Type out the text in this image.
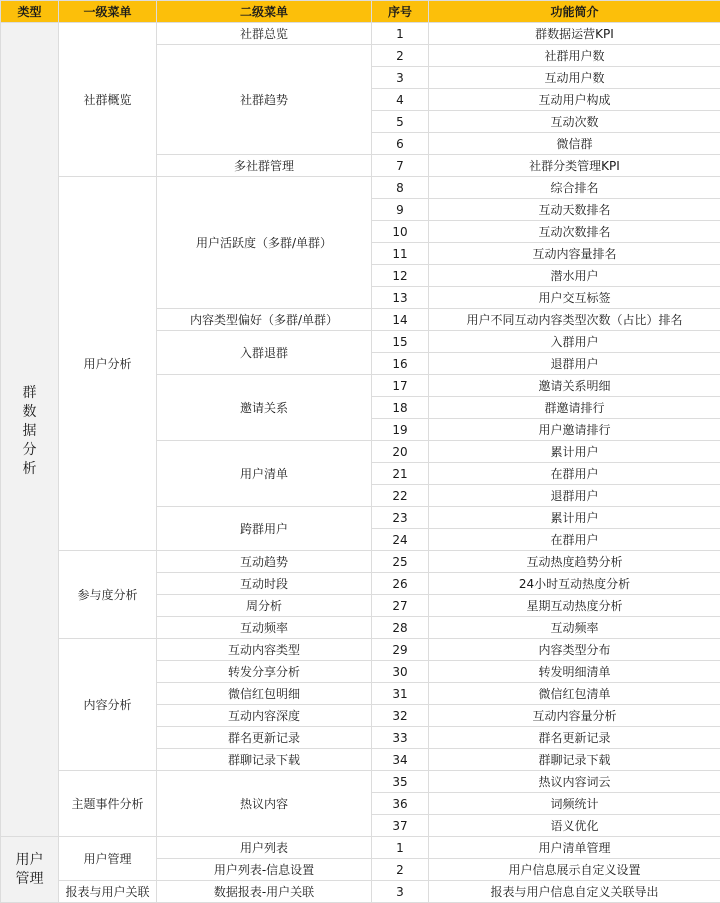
类型	一级菜单	二级菜单	序号	功能简介
群数据分析	社群概览	社群总览	1	群数据运营KPI
		社群趋势	2	社群用户数
			3	互动用户数
			4	互动用户构成
			5	互动次数
			6	微信群
		多社群管理	7	社群分类管理KPI
	用户分析	用户活跃度（多群/单群）	8	综合排名
			9	互动天数排名
			10	互动次数排名
			11	互动内容量排名
			12	潜水用户
			13	用户交互标签
		内容类型偏好（多群/单群）	14	用户不同互动内容类型次数（占比）排名
		入群退群	15	入群用户
			16	退群用户
		邀请关系	17	邀请关系明细
			18	群邀请排行
			19	用户邀请排行
		用户清单	20	累计用户
			21	在群用户
			22	退群用户
		跨群用户	23	累计用户
			24	在群用户
	参与度分析	互动趋势	25	互动热度趋势分析
		互动时段	26	24小时互动热度分析
		周分析	27	星期互动热度分析
		互动频率	28	互动频率
	内容分析	互动内容类型	29	内容类型分布
		转发分享分析	30	转发明细清单
		微信红包明细	31	微信红包清单
		互动内容深度	32	互动内容量分析
		群名更新记录	33	群名更新记录
		群聊记录下载	34	群聊记录下载
	主题事件分析	热议内容	35	热议内容词云
			36	词频统计
			37	语义优化
用户管理	用户管理	用户列表	1	用户清单管理
		用户列表-信息设置	2	用户信息展示自定义设置
	报表与用户关联	数据报表-用户关联	3	报表与用户信息自定义关联导出
